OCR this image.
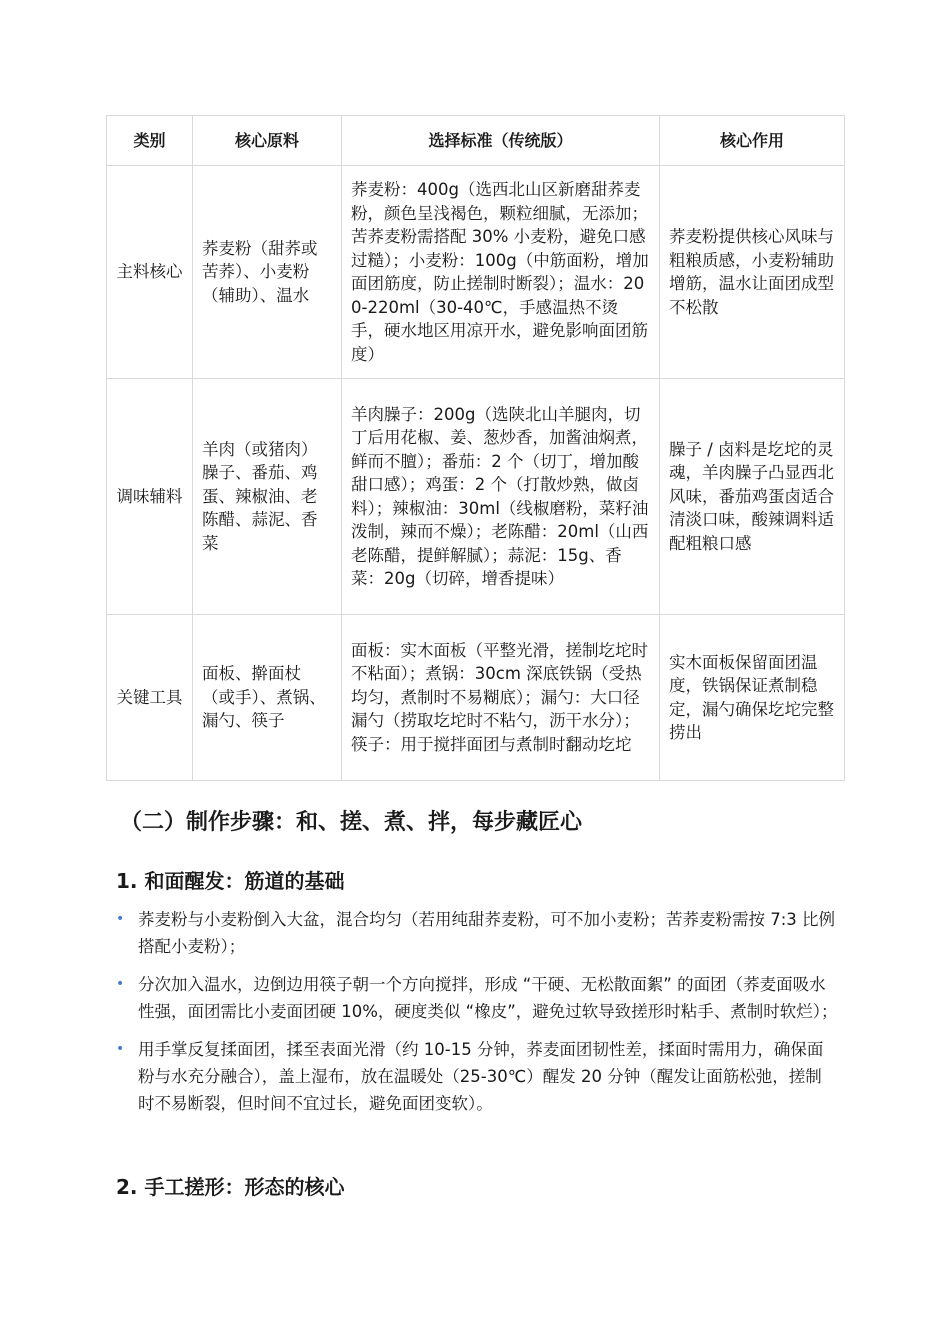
类别	核心原料	选择标准（传统版）	核心作用
主料核心	荞麦粉（甜荞或苦荞）、小麦粉（辅助）、温水	荞麦粉：400g（选西北山区新磨甜荞麦粉，颜色呈浅褐色，颗粒细腻，无添加；苦荞麦粉需搭配 30% 小麦粉，避免口感过糙）；小麦粉：100g（中筋面粉，增加面团筋度，防止搓制时断裂）；温水：200-220ml（30-40℃，手感温热不烫手，硬水地区用凉开水，避免影响面团筋度）	荞麦粉提供核心风味与粗粮质感，小麦粉辅助增筋，温水让面团成型不松散
调味辅料	羊肉（或猪肉）臊子、番茄、鸡蛋、辣椒油、老陈醋、蒜泥、香菜	羊肉臊子：200g（选陕北山羊腿肉，切丁后用花椒、姜、葱炒香，加酱油焖煮，鲜而不膻）；番茄：2 个（切丁，增加酸甜口感）；鸡蛋：2 个（打散炒熟，做卤料）；辣椒油：30ml（线椒磨粉，菜籽油泼制，辣而不燥）；老陈醋：20ml（山西老陈醋，提鲜解腻）；蒜泥：15g、香菜：20g（切碎，增香提味）	臊子 / 卤料是圪坨的灵魂，羊肉臊子凸显西北风味，番茄鸡蛋卤适合清淡口味，酸辣调料适配粗粮口感
关键工具	面板、擀面杖（或手）、煮锅、漏勺、筷子	面板：实木面板（平整光滑，搓制圪坨时不粘面）；煮锅：30cm 深底铁锅（受热均匀，煮制时不易糊底）；漏勺：大口径漏勺（捞取圪坨时不粘勺，沥干水分）；筷子：用于搅拌面团与煮制时翻动圪坨	实木面板保留面团温度，铁锅保证煮制稳定，漏勺确保圪坨完整捞出
（二）制作步骤：和、搓、煮、拌，每步藏匠心
1. 和面醒发：筋道的基础
• 荞麦粉与小麦粉倒入大盆，混合均匀（若用纯甜荞麦粉，可不加小麦粉；苦荞麦粉需按 7:3 比例搭配小麦粉）；
• 分次加入温水，边倒边用筷子朝一个方向搅拌，形成 “干硬、无松散面絮” 的面团（荞麦面吸水性强，面团需比小麦面团硬 10%，硬度类似 “橡皮”，避免过软导致搓形时粘手、煮制时软烂）；
• 用手掌反复揉面团，揉至表面光滑（约 10-15 分钟，荞麦面团韧性差，揉面时需用力，确保面粉与水充分融合），盖上湿布，放在温暖处（25-30℃）醒发 20 分钟（醒发让面筋松弛，搓制时不易断裂，但时间不宜过长，避免面团变软）。
2. 手工搓形：形态的核心
